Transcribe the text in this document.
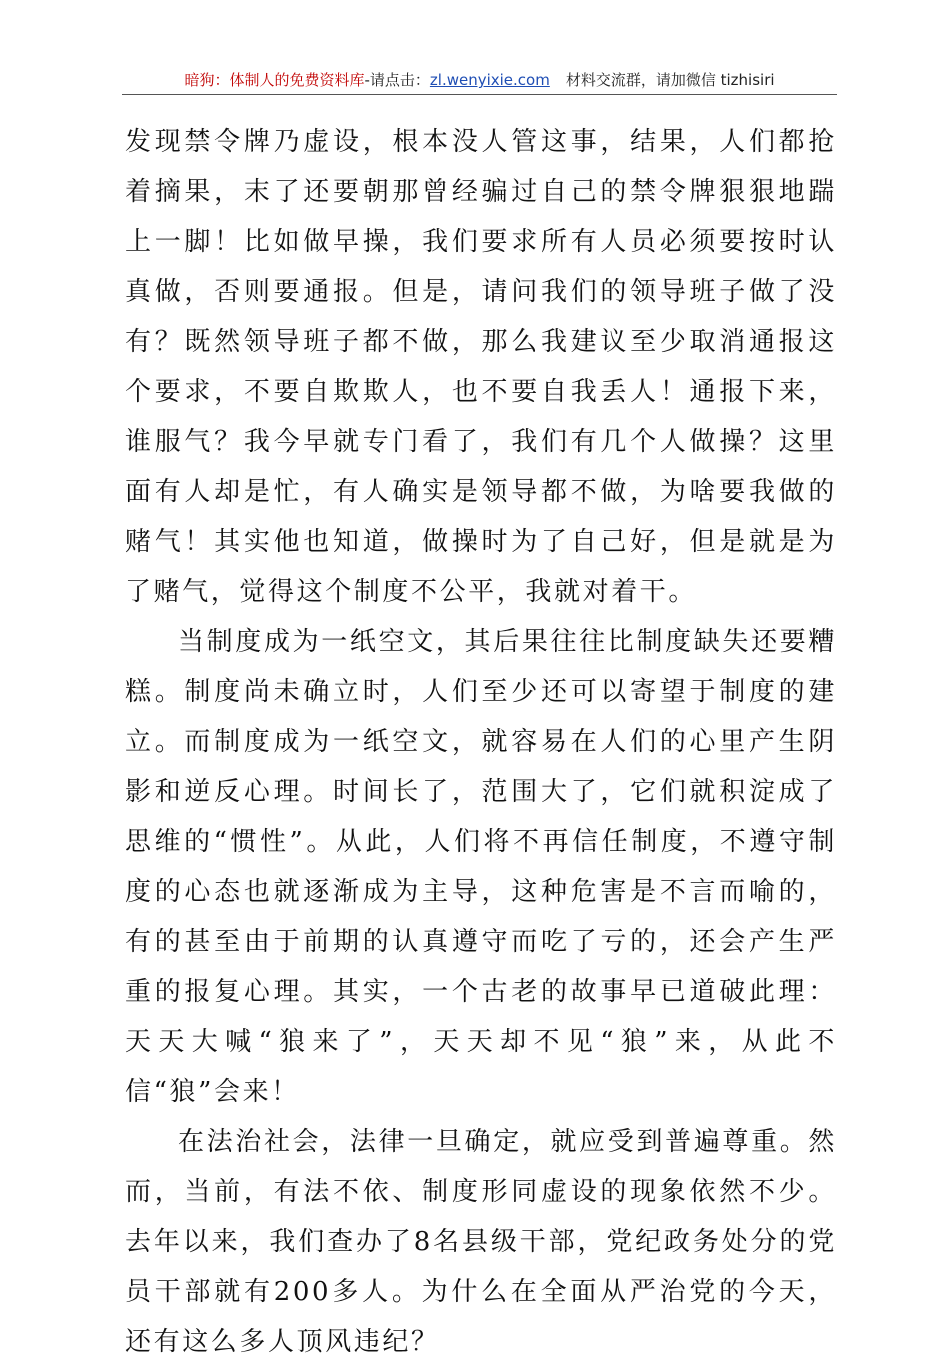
暗狗：体制人的免费资料库-请点击：zl.wenyixie.com 材料交流群，请加微信 tizhisiri

发现禁令牌乃虚设，根本没人管这事，结果，人们都抢着摘果，末了还要朝那曾经骗过自己的禁令牌狠狠地踹上一脚！比如做早操，我们要求所有人员必须要按时认真做，否则要通报。但是，请问我们的领导班子做了没有？既然领导班子都不做，那么我建议至少取消通报这个要求，不要自欺欺人，也不要自我丢人！通报下来，谁服气？我今早就专门看了，我们有几个人做操？这里面有人却是忙，有人确实是领导都不做，为啥要我做的赌气！其实他也知道，做操时为了自己好，但是就是为了赌气，觉得这个制度不公平，我就对着干。

当制度成为一纸空文，其后果往往比制度缺失还要糟糕。制度尚未确立时，人们至少还可以寄望于制度的建立。而制度成为一纸空文，就容易在人们的心里产生阴影和逆反心理。时间长了，范围大了，它们就积淀成了思维的“惯性”。从此，人们将不再信任制度，不遵守制度的心态也就逐渐成为主导，这种危害是不言而喻的，有的甚至由于前期的认真遵守而吃了亏的，还会产生严重的报复心理。其实，一个古老的故事早已道破此理：天天大喊“狼来了”，天天却不见“狼”来，从此不信“狼”会来！

在法治社会，法律一旦确定，就应受到普遍尊重。然而，当前，有法不依、制度形同虚设的现象依然不少。去年以来，我们查办了8名县级干部，党纪政务处分的党员干部就有200多人。为什么在全面从严治党的今天，还有这么多人顶风违纪？
